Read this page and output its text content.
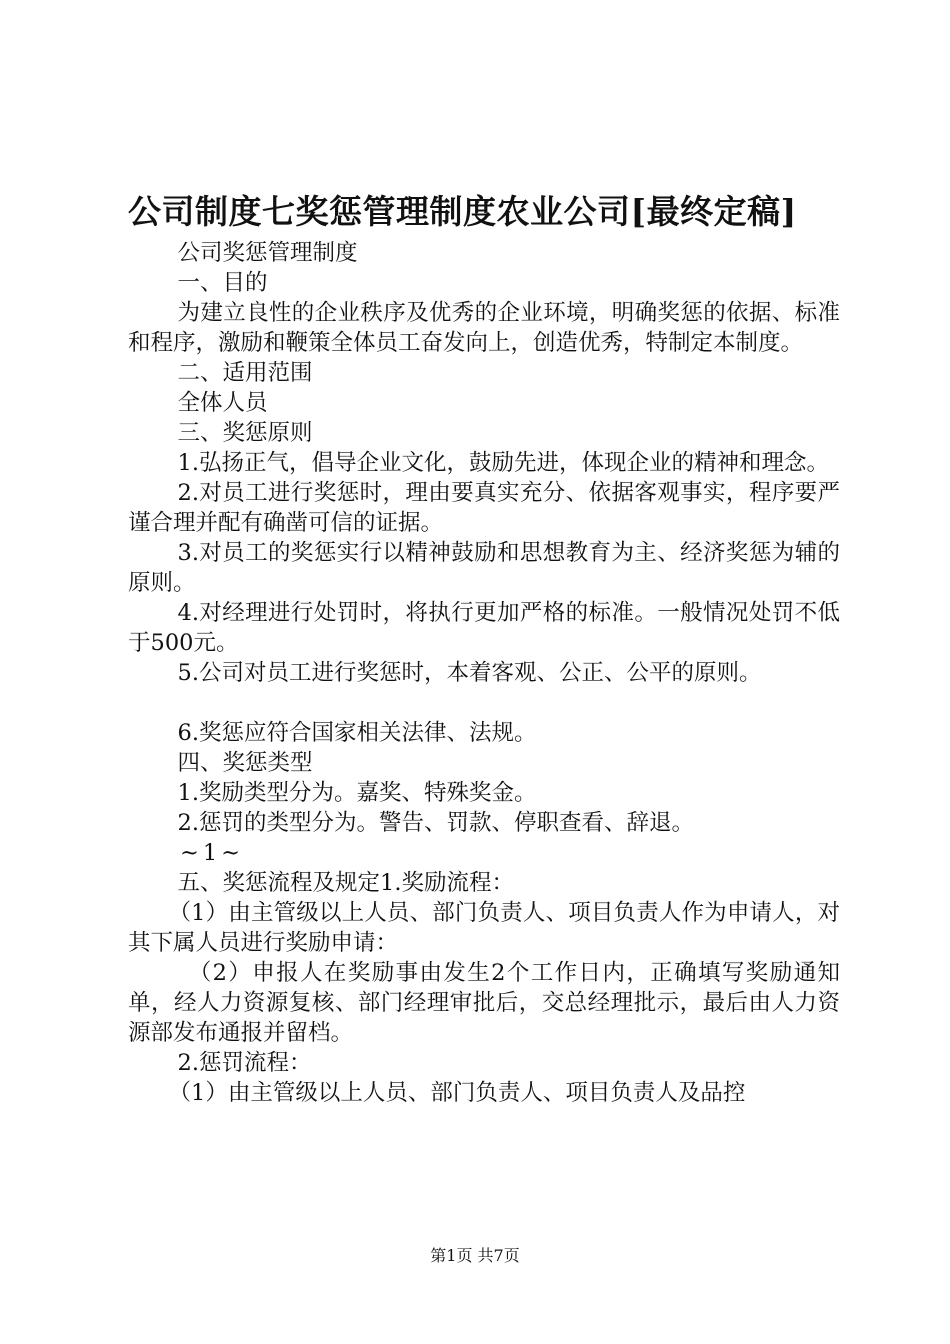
公司制度七奖惩管理制度农业公司[最终定稿]

公司奖惩管理制度

一、目的

为建立良性的企业秩序及优秀的企业环境，明确奖惩的依据、标准和程序，激励和鞭策全体员工奋发向上，创造优秀，特制定本制度。

二、适用范围

全体人员

三、奖惩原则

1.弘扬正气，倡导企业文化，鼓励先进，体现企业的精神和理念。

2.对员工进行奖惩时，理由要真实充分、依据客观事实，程序要严谨合理并配有确凿可信的证据。

3.对员工的奖惩实行以精神鼓励和思想教育为主、经济奖惩为辅的原则。

4.对经理进行处罚时，将执行更加严格的标准。一般情况处罚不低于500元。

5.公司对员工进行奖惩时，本着客观、公正、公平的原则。

6.奖惩应符合国家相关法律、法规。

四、奖惩类型

1.奖励类型分为。嘉奖、特殊奖金。

2.惩罚的类型分为。警告、罚款、停职查看、辞退。

~1~

五、奖惩流程及规定1.奖励流程：

（1）由主管级以上人员、部门负责人、项目负责人作为申请人，对其下属人员进行奖励申请：

（2）申报人在奖励事由发生2个工作日内，正确填写奖励通知单，经人力资源复核、部门经理审批后，交总经理批示，最后由人力资源部发布通报并留档。

2.惩罚流程：

（1）由主管级以上人员、部门负责人、项目负责人及品控

第1页 共7页
